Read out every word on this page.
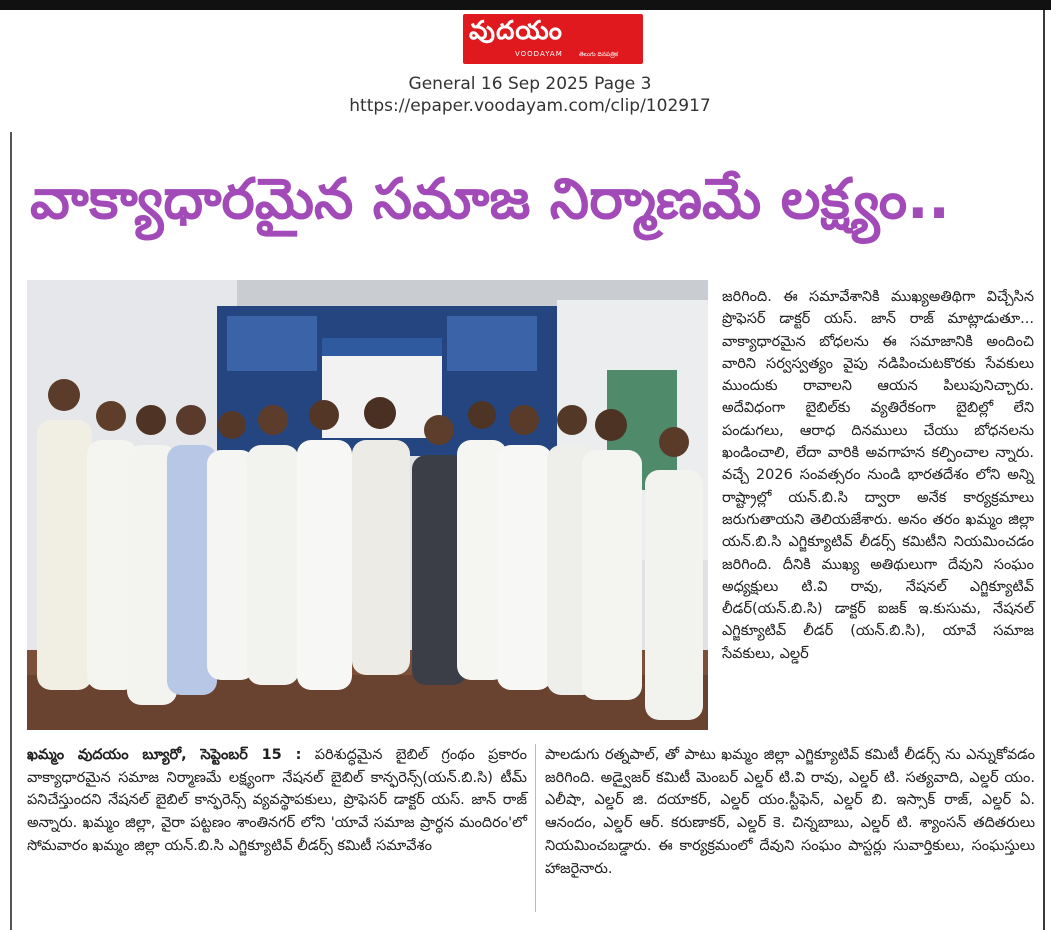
వుదయం
VOODAYAM	తెలుగు దినపత్రిక
General 16 Sep 2025 Page 3
https://epaper.voodayam.com/clip/102917
వాక్యాధారమైన సమాజ నిర్మాణమే లక్ష్యం..
జరిగింది. ఈ సమావేశానికి ముఖ్యఅతిథిగా విచ్చేసిన ప్రొఫెసర్ డాక్టర్ యస్. జాన్ రాజ్ మాట్లాడుతూ... వాక్యాధారమైన బోధలను ఈ సమాజానికి అందించి వారిని సర్వస్వత్యం వైపు నడిపించుటకొరకు సేవకులు ముందుకు రావాలని ఆయన పిలుపునిచ్చారు. అదేవిధంగా బైబిల్‌కు వ్యతిరేకంగా బైబిల్లో లేని పండుగలు, ఆరాధ దినములు చేయు బోధనలను ఖండించాలి, లేదా వారికి అవగాహన కల్పించాల న్నారు. వచ్చే 2026 సంవత్సరం నుండి భారతదేశం లోని అన్ని రాష్ట్రాల్లో యన్.బి.సి ద్వారా అనేక కార్యక్రమాలు జరుగుతాయని తెలియజేశారు. అనం తరం ఖమ్మం జిల్లా యన్.బి.సి ఎగ్జిక్యూటివ్ లీడర్స్ కమిటీని నియమించడం జరిగింది. దీనికి ముఖ్య అతిథులుగా దేవుని సంఘం అధ్యక్షులు టి.వి రావు, నేషనల్ ఎగ్జిక్యూటివ్ లీడర్(యన్.బి.సి) డాక్టర్ ఐజక్ ఇ.కుసుమ, నేషనల్ ఎగ్జిక్యూటివ్ లీడర్ (యన్.బి.సి), యావే సమాజ సేవకులు, ఎల్డర్
ఖమ్మం వుదయం బ్యూరో, సెప్టెంబర్ 15 : పరిశుద్ధమైన బైబిల్ గ్రంథం ప్రకారం వాక్యాధారమైన సమాజ నిర్మాణమే లక్ష్యంగా నేషనల్ బైబిల్ కాన్ఫరెన్స్(యన్.బి.సి) టీమ్ పనిచేస్తుందని నేషనల్ బైబిల్ కాన్ఫరెన్స్ వ్యవస్థాపకులు, ప్రొఫెసర్ డాక్టర్ యస్. జాన్ రాజ్ అన్నారు. ఖమ్మం జిల్లా, వైరా పట్టణం శాంతినగర్ లోని 'యావే సమాజ ప్రార్ధన మందిరం'లో సోమవారం ఖమ్మం జిల్లా యన్.బి.సి ఎగ్జిక్యూటివ్ లీడర్స్ కమిటీ సమావేశం
పాలడుగు రత్నపాల్, తో పాటు ఖమ్మం జిల్లా ఎగ్జిక్యూటివ్ కమిటీ లీడర్స్ ను ఎన్నుకోవడం జరిగింది. అడ్వైజర్ కమిటీ మెంబర్ ఎల్డర్ టి.వి రావు, ఎల్డర్ టి. సత్యవాది, ఎల్డర్ యం. ఎలీషా, ఎల్డర్ జి. దయాకర్, ఎల్డర్ యం.స్టీఫెన్, ఎల్డర్ బి. ఇస్సాక్ రాజ్, ఎల్డర్ ఏ. ఆనందం, ఎల్డర్ ఆర్. కరుణాకర్, ఎల్డర్ కె. చిన్నబాబు, ఎల్డర్ టి. శ్యాంసన్ తదితరులు నియమించబడ్డారు. ఈ కార్యక్రమంలో దేవుని సంఘం పాస్టర్లు సువార్తికులు, సంఘస్తులు హాజరైనారు.
